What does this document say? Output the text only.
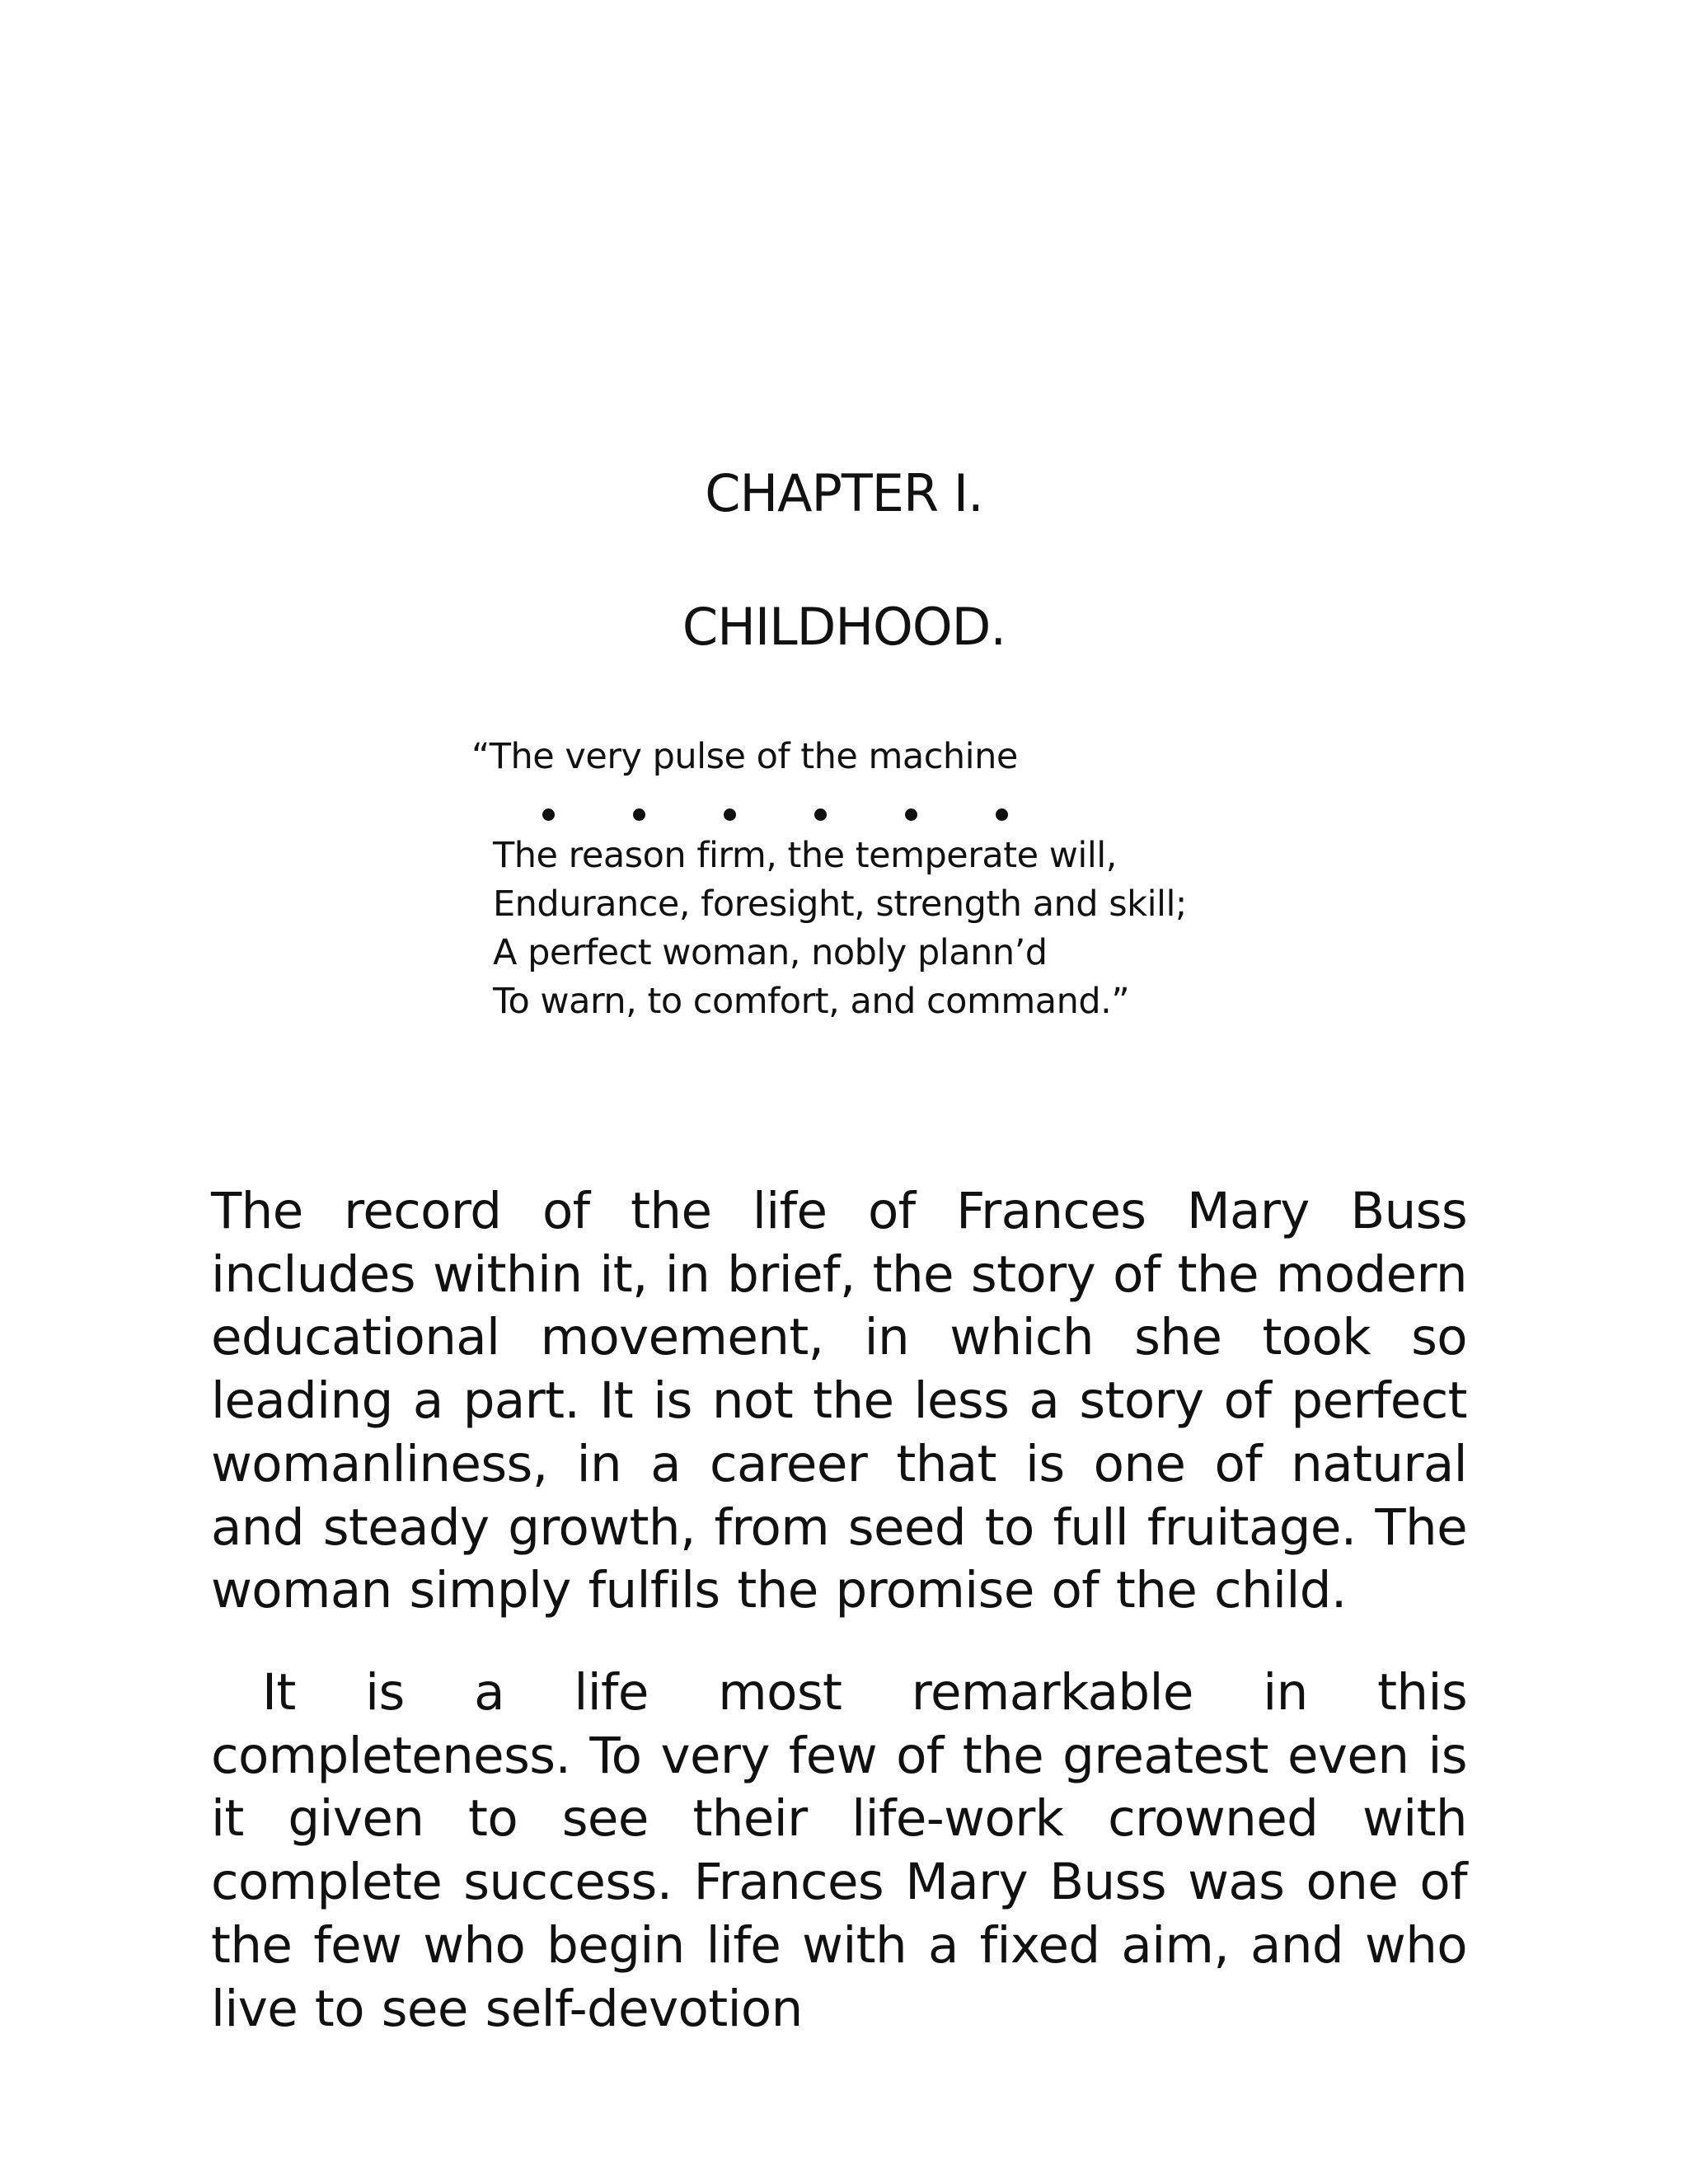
CHAPTER I.
CHILDHOOD.
“The very pulse of the machine
The reason firm, the temperate will,
Endurance, foresight, strength and skill;
A perfect woman, nobly plann’d
To warn, to comfort, and command.”

The record of the life of Frances Mary Buss includes within it, in brief, the story of the modern educational movement, in which she took so leading a part. It is not the less a story of perfect womanliness, in a career that is one of natural and steady growth, from seed to full fruitage. The woman simply fulfils the promise of the child.

It is a life most remarkable in this completeness. To very few of the greatest even is it given to see their life-work crowned with complete success. Frances Mary Buss was one of the few who begin life with a fixed aim, and who live to see self-devotion
